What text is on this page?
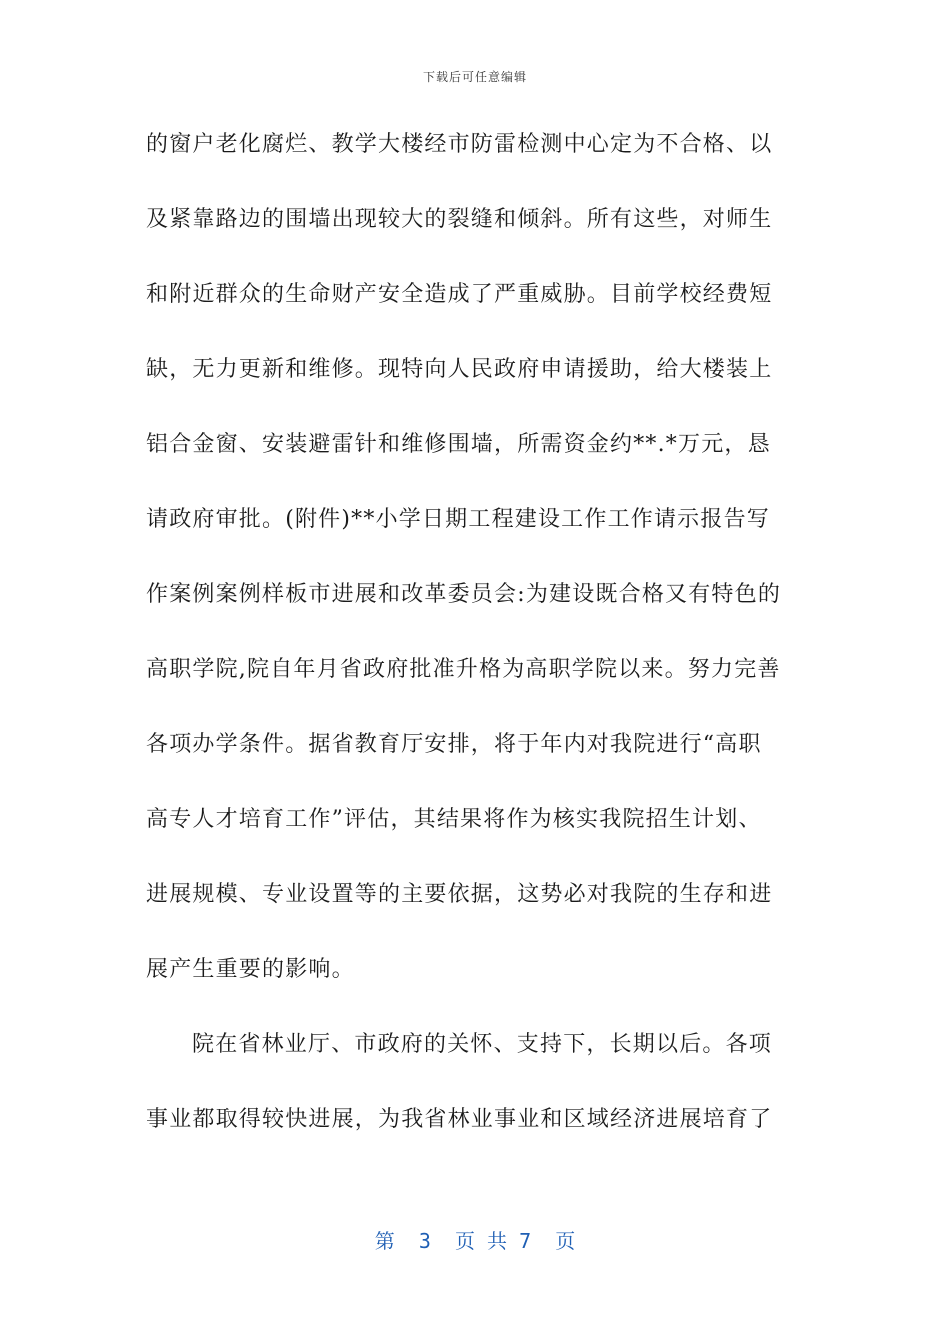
下载后可任意编辑
的窗户老化腐烂、教学大楼经市防雷检测中心定为不合格、以
及紧靠路边的围墙出现较大的裂缝和倾斜。所有这些，对师生
和附近群众的生命财产安全造成了严重威胁。目前学校经费短
缺，无力更新和维修。现特向人民政府申请援助，给大楼装上
铝合金窗、安装避雷针和维修围墙，所需资金约**.*万元，恳
请政府审批。(附件)**小学日期工程建设工作工作请示报告写
作案例案例样板市进展和改革委员会:为建设既合格又有特色的
高职学院,院自年月省政府批准升格为高职学院以来。努力完善
各项办学条件。据省教育厅安排，将于年内对我院进行“高职
高专人才培育工作”评估，其结果将作为核实我院招生计划、
进展规模、专业设置等的主要依据，这势必对我院的生存和进
展产生重要的影响。
院在省林业厅、市政府的关怀、支持下，长期以后。各项
事业都取得较快进展，为我省林业事业和区域经济进展培育了
第  3  页 共 7  页
